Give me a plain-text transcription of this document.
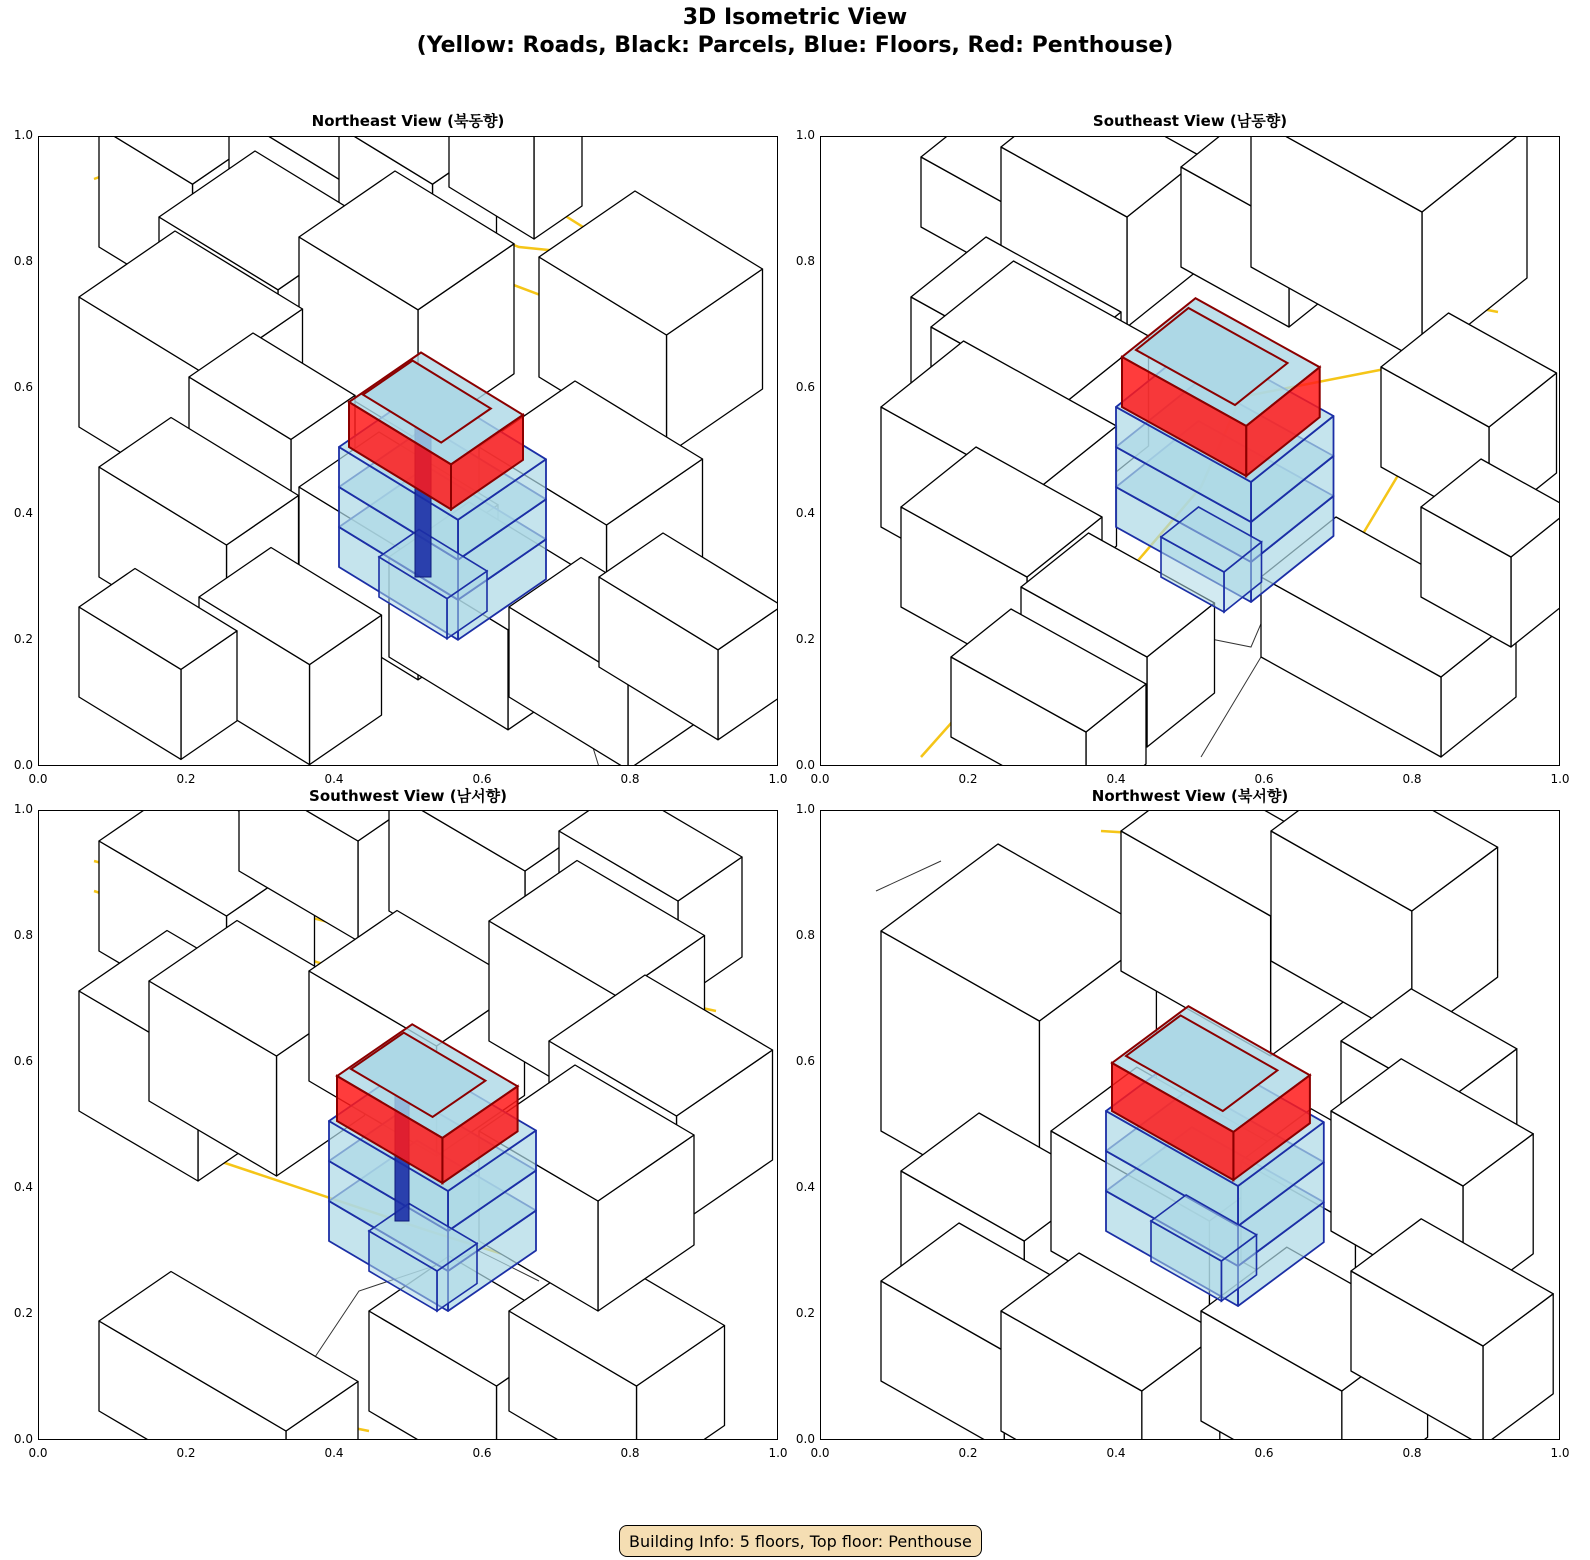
3D Isometric View
(Yellow: Roads, Black: Parcels, Blue: Floors, Red: Penthouse)
Northeast View (북동향)	Southeast View (남동향)
Southwest View (남서향)	Northwest View (북서향)
0.0	0.2	0.4	0.6	0.8	1.0
0.0
0.2
0.4
0.6
0.8
1.0
0.0	0.2	0.4	0.6	0.8	1.0
0.0
0.2
0.4
0.6
0.8
1.0
0.0	0.2	0.4	0.6	0.8	1.0
0.0
0.2
0.4
0.6
0.8
1.0
0.0	0.2	0.4	0.6	0.8	1.0
0.0
0.2
0.4
0.6
0.8
1.0
Building Info: 5 floors, Top floor: Penthouse
